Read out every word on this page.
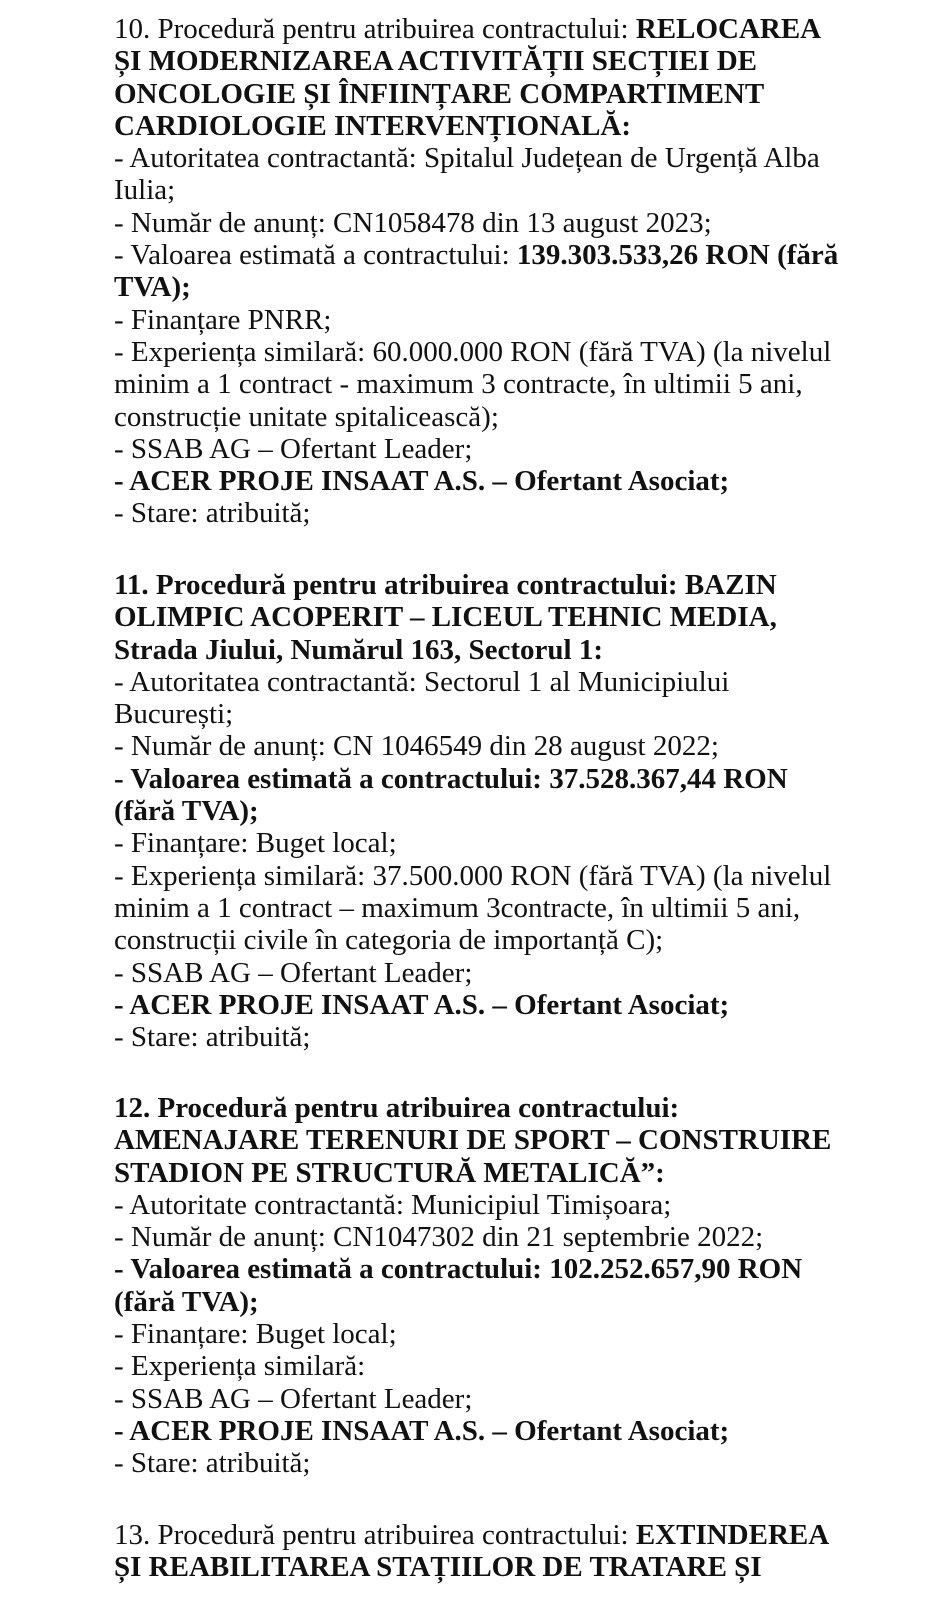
10. Procedură pentru atribuirea contractului: RELOCAREA
ȘI MODERNIZAREA ACTIVITĂȚII SECȚIEI DE
ONCOLOGIE ȘI ÎNFIINȚARE COMPARTIMENT
CARDIOLOGIE INTERVENȚIONALĂ:
- Autoritatea contractantă: Spitalul Județean de Urgență Alba
Iulia;
- Număr de anunț: CN1058478 din 13 august 2023;
- Valoarea estimată a contractului: 139.303.533,26 RON (fără
TVA);
- Finanțare PNRR;
- Experiența similară: 60.000.000 RON (fără TVA) (la nivelul
minim a 1 contract - maximum 3 contracte, în ultimii 5 ani,
construcție unitate spitalicească);
- SSAB AG – Ofertant Leader;
- ACER PROJE INSAAT A.S. – Ofertant Asociat;
- Stare: atribuită;
11. Procedură pentru atribuirea contractului: BAZIN
OLIMPIC ACOPERIT – LICEUL TEHNIC MEDIA,
Strada Jiului, Numărul 163, Sectorul 1:
- Autoritatea contractantă: Sectorul 1 al Municipiului
București;
- Număr de anunț: CN 1046549 din 28 august 2022;
- Valoarea estimată a contractului: 37.528.367,44 RON
(fără TVA);
- Finanțare: Buget local;
- Experiența similară: 37.500.000 RON (fără TVA) (la nivelul
minim a 1 contract – maximum 3contracte, în ultimii 5 ani,
construcții civile în categoria de importanță C);
- SSAB AG – Ofertant Leader;
- ACER PROJE INSAAT A.S. – Ofertant Asociat;
- Stare: atribuită;
12. Procedură pentru atribuirea contractului:
AMENAJARE TERENURI DE SPORT – CONSTRUIRE
STADION PE STRUCTURĂ METALICĂ”:
- Autoritate contractantă: Municipiul Timișoara;
- Număr de anunț: CN1047302 din 21 septembrie 2022;
- Valoarea estimată a contractului: 102.252.657,90 RON
(fără TVA);
- Finanțare: Buget local;
- Experiența similară:
- SSAB AG – Ofertant Leader;
- ACER PROJE INSAAT A.S. – Ofertant Asociat;
- Stare: atribuită;
13. Procedură pentru atribuirea contractului: EXTINDEREA
ȘI REABILITAREA STAȚIILOR DE TRATARE ȘI
